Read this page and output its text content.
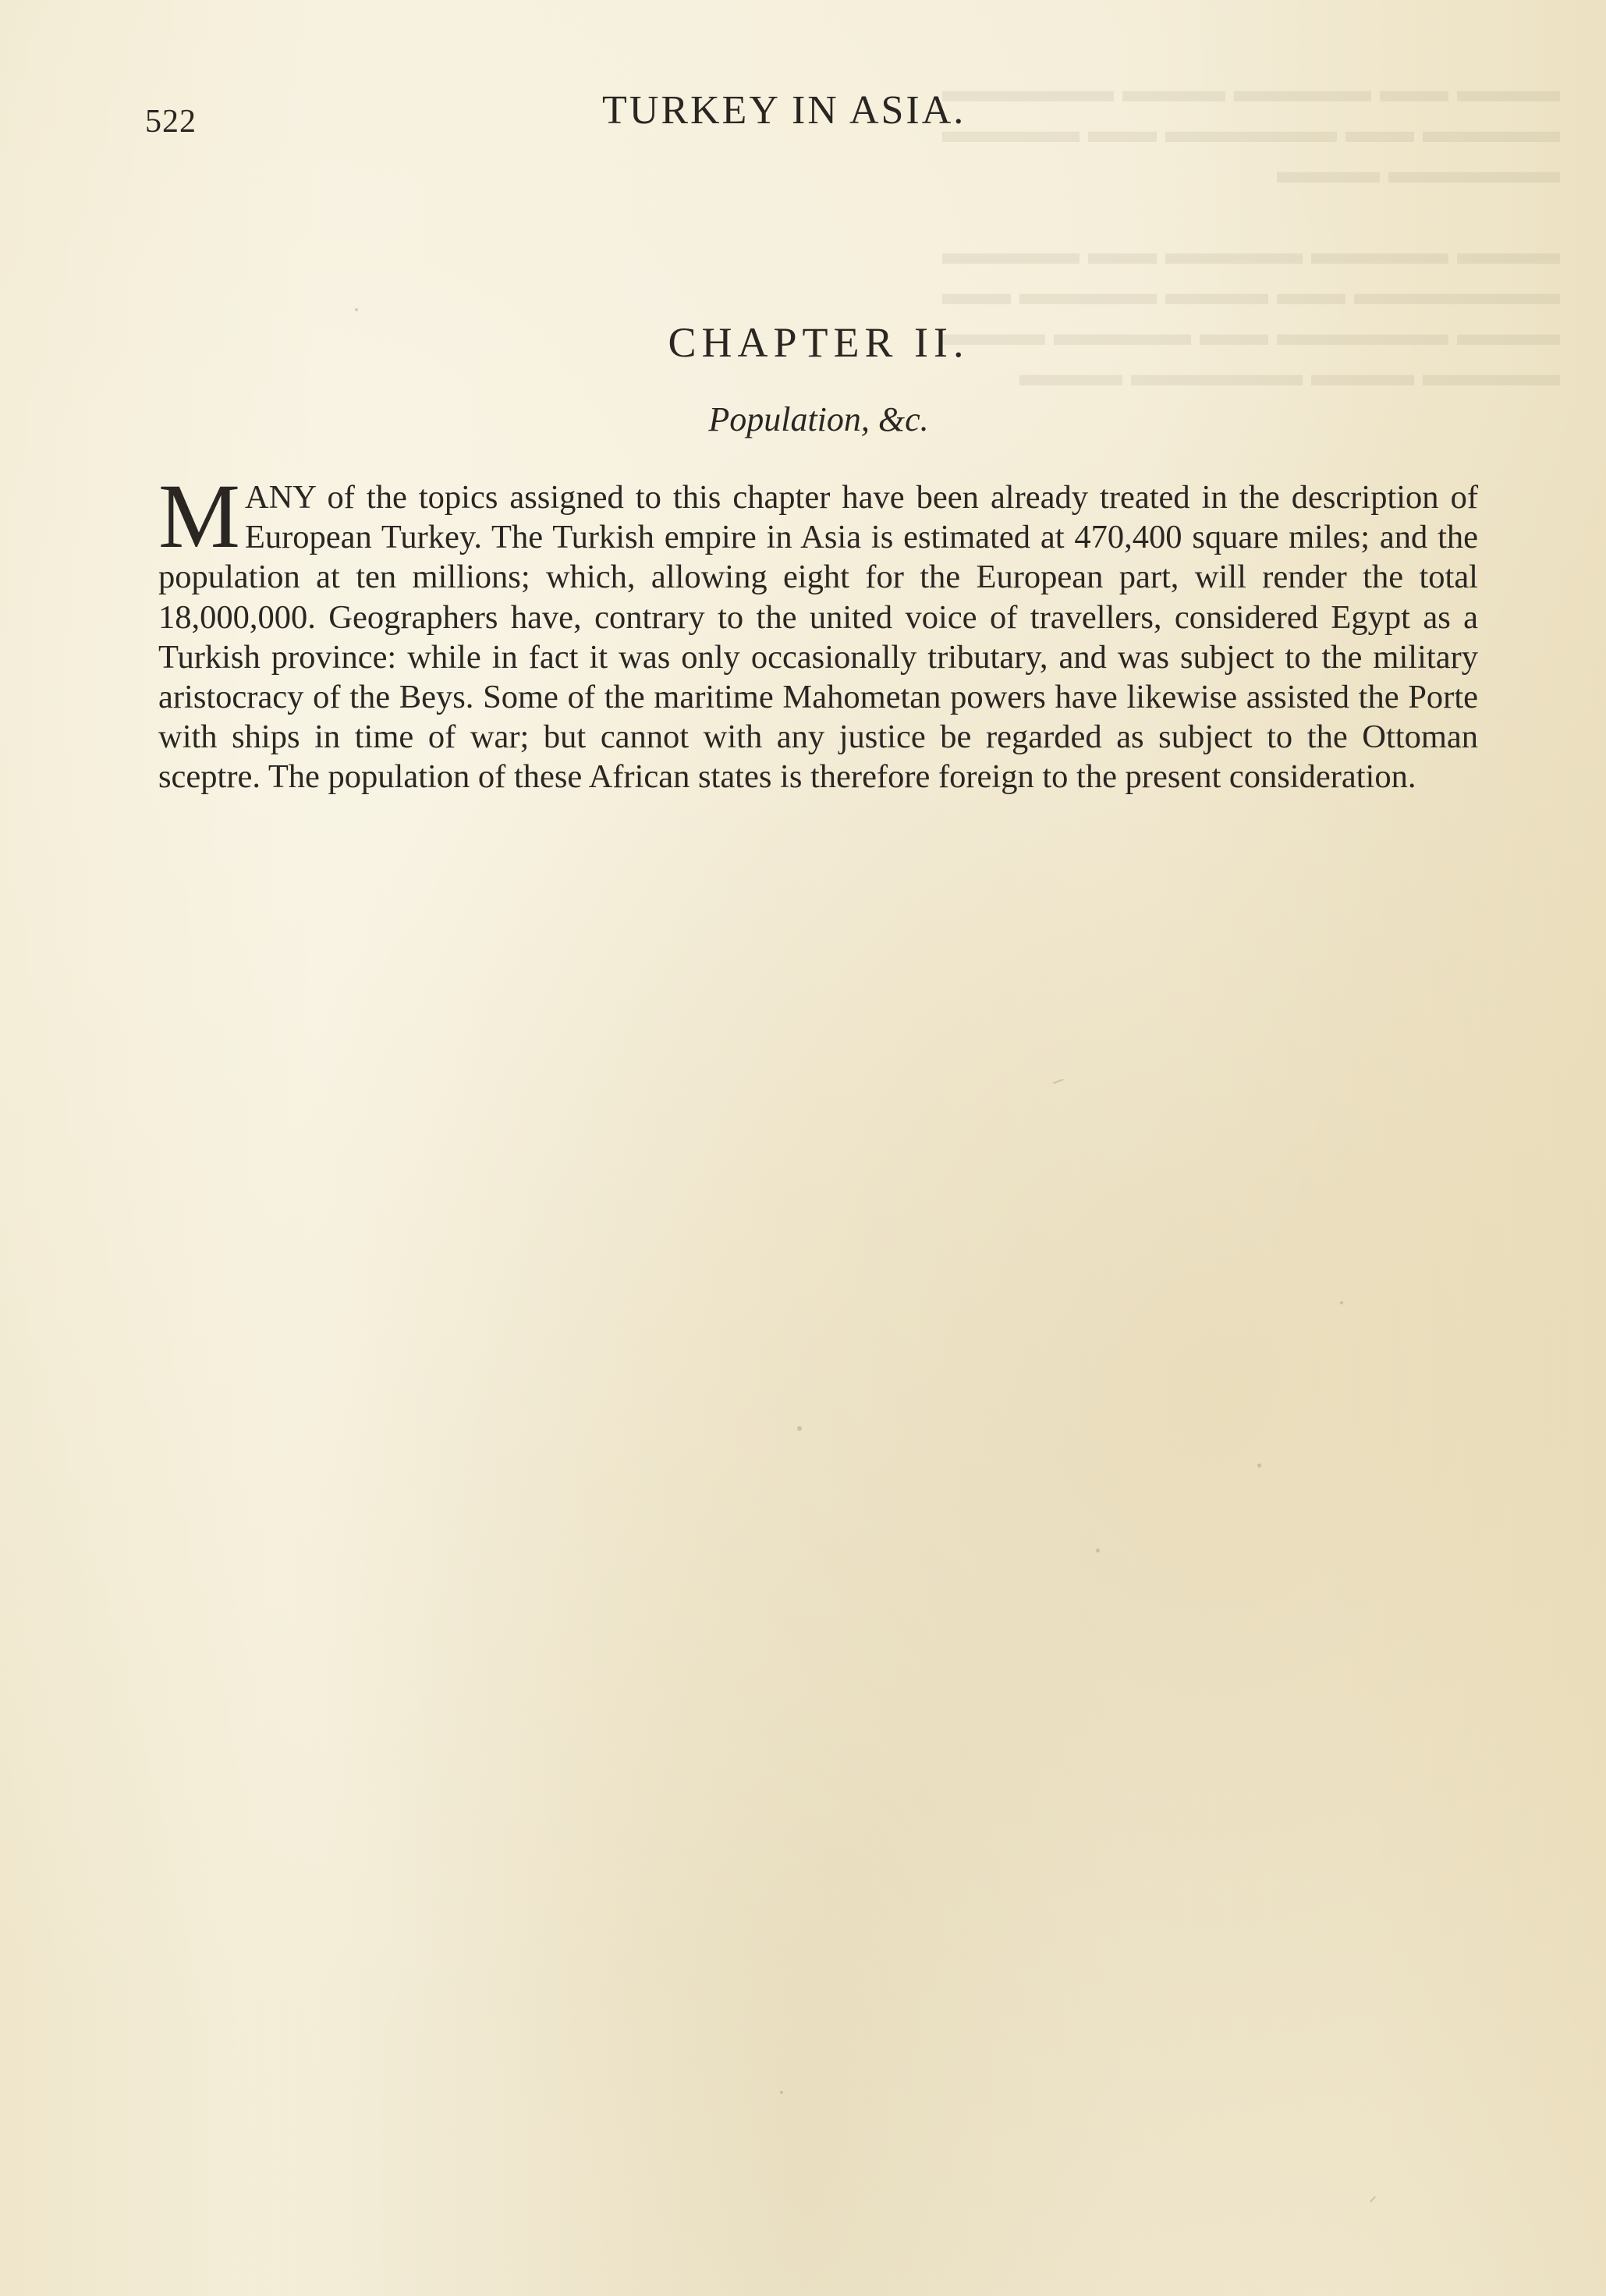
▬▬▬ ▬▬ ▬▬▬▬ ▬▬▬ ▬▬▬▬▬
▬▬▬▬ ▬▬ ▬▬▬▬▬ ▬▬ ▬▬▬▬
▬▬▬▬▬ ▬▬▬

▬▬▬ ▬▬▬▬ ▬▬▬▬ ▬▬ ▬▬▬▬
▬▬▬▬▬▬ ▬▬ ▬▬▬ ▬▬▬▬ ▬▬
▬▬▬ ▬▬▬▬▬ ▬▬ ▬▬▬▬ ▬▬▬
▬▬▬▬ ▬▬▬ ▬▬▬▬▬ ▬▬▬
522	TURKEY IN ASIA.
CHAPTER II.
Population, &c.

MANY of the topics assigned to this chapter have been already treated in the description of European Turkey. The Turkish empire in Asia is estimated at 470,400 square miles; and the population at ten millions; which, allowing eight for the European part, will render the total 18,000,000. Geographers have, contrary to the united voice of travellers, considered Egypt as a Turkish province: while in fact it was only occasionally tributary, and was subject to the military aristocracy of the Beys. Some of the maritime Mahometan powers have likewise assisted the Porte with ships in time of war; but cannot with any justice be regarded as subject to the Ottoman sceptre. The population of these African states is therefore foreign to the present consideration.
